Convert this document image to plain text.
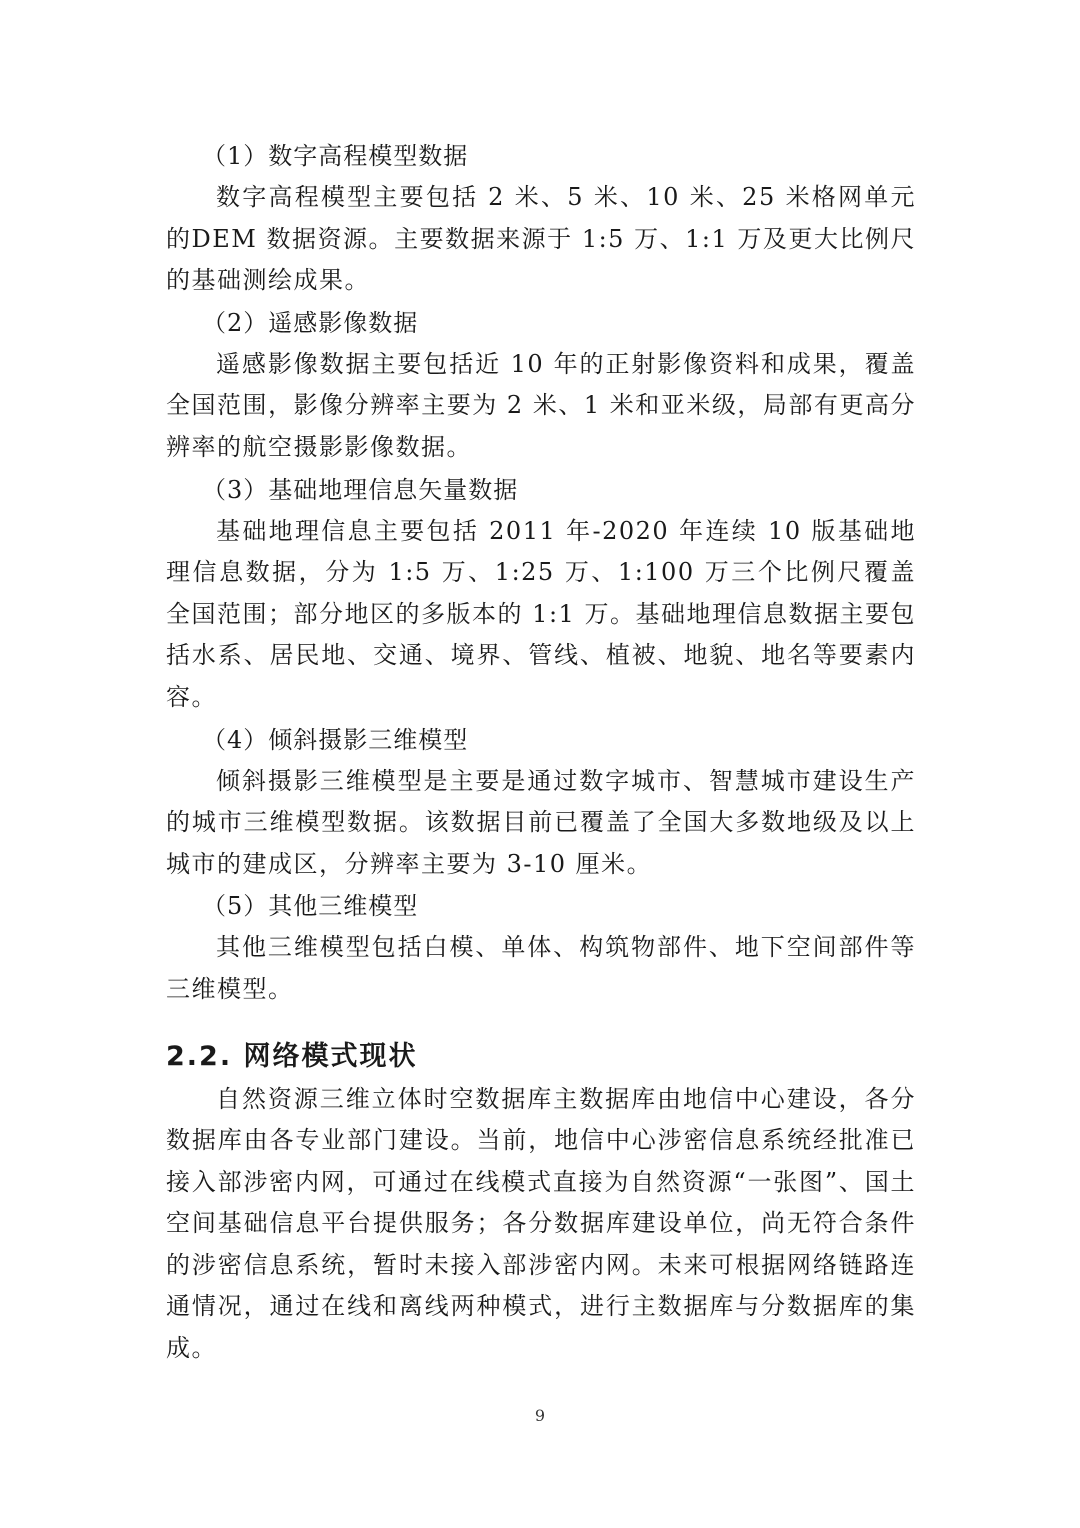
（1）数字高程模型数据

数字高程模型主要包括 2 米、5 米、10 米、25 米格网单元的DEM 数据资源。主要数据来源于 1:5 万、1:1 万及更大比例尺的基础测绘成果。

（2）遥感影像数据

遥感影像数据主要包括近 10 年的正射影像资料和成果，覆盖全国范围，影像分辨率主要为 2 米、1 米和亚米级，局部有更高分辨率的航空摄影影像数据。

（3）基础地理信息矢量数据

基础地理信息主要包括 2011 年-2020 年连续 10 版基础地理信息数据，分为 1:5 万、1:25 万、1:100 万三个比例尺覆盖全国范围；部分地区的多版本的 1:1 万。基础地理信息数据主要包括水系、居民地、交通、境界、管线、植被、地貌、地名等要素内容。

（4）倾斜摄影三维模型

倾斜摄影三维模型是主要是通过数字城市、智慧城市建设生产的城市三维模型数据。该数据目前已覆盖了全国大多数地级及以上城市的建成区，分辨率主要为 3-10 厘米。

（5）其他三维模型

其他三维模型包括白模、单体、构筑物部件、地下空间部件等三维模型。

2.2. 网络模式现状

自然资源三维立体时空数据库主数据库由地信中心建设，各分数据库由各专业部门建设。当前，地信中心涉密信息系统经批准已接入部涉密内网，可通过在线模式直接为自然资源“一张图”、国土空间基础信息平台提供服务；各分数据库建设单位，尚无符合条件的涉密信息系统，暂时未接入部涉密内网。未来可根据网络链路连通情况，通过在线和离线两种模式，进行主数据库与分数据库的集成。

9
